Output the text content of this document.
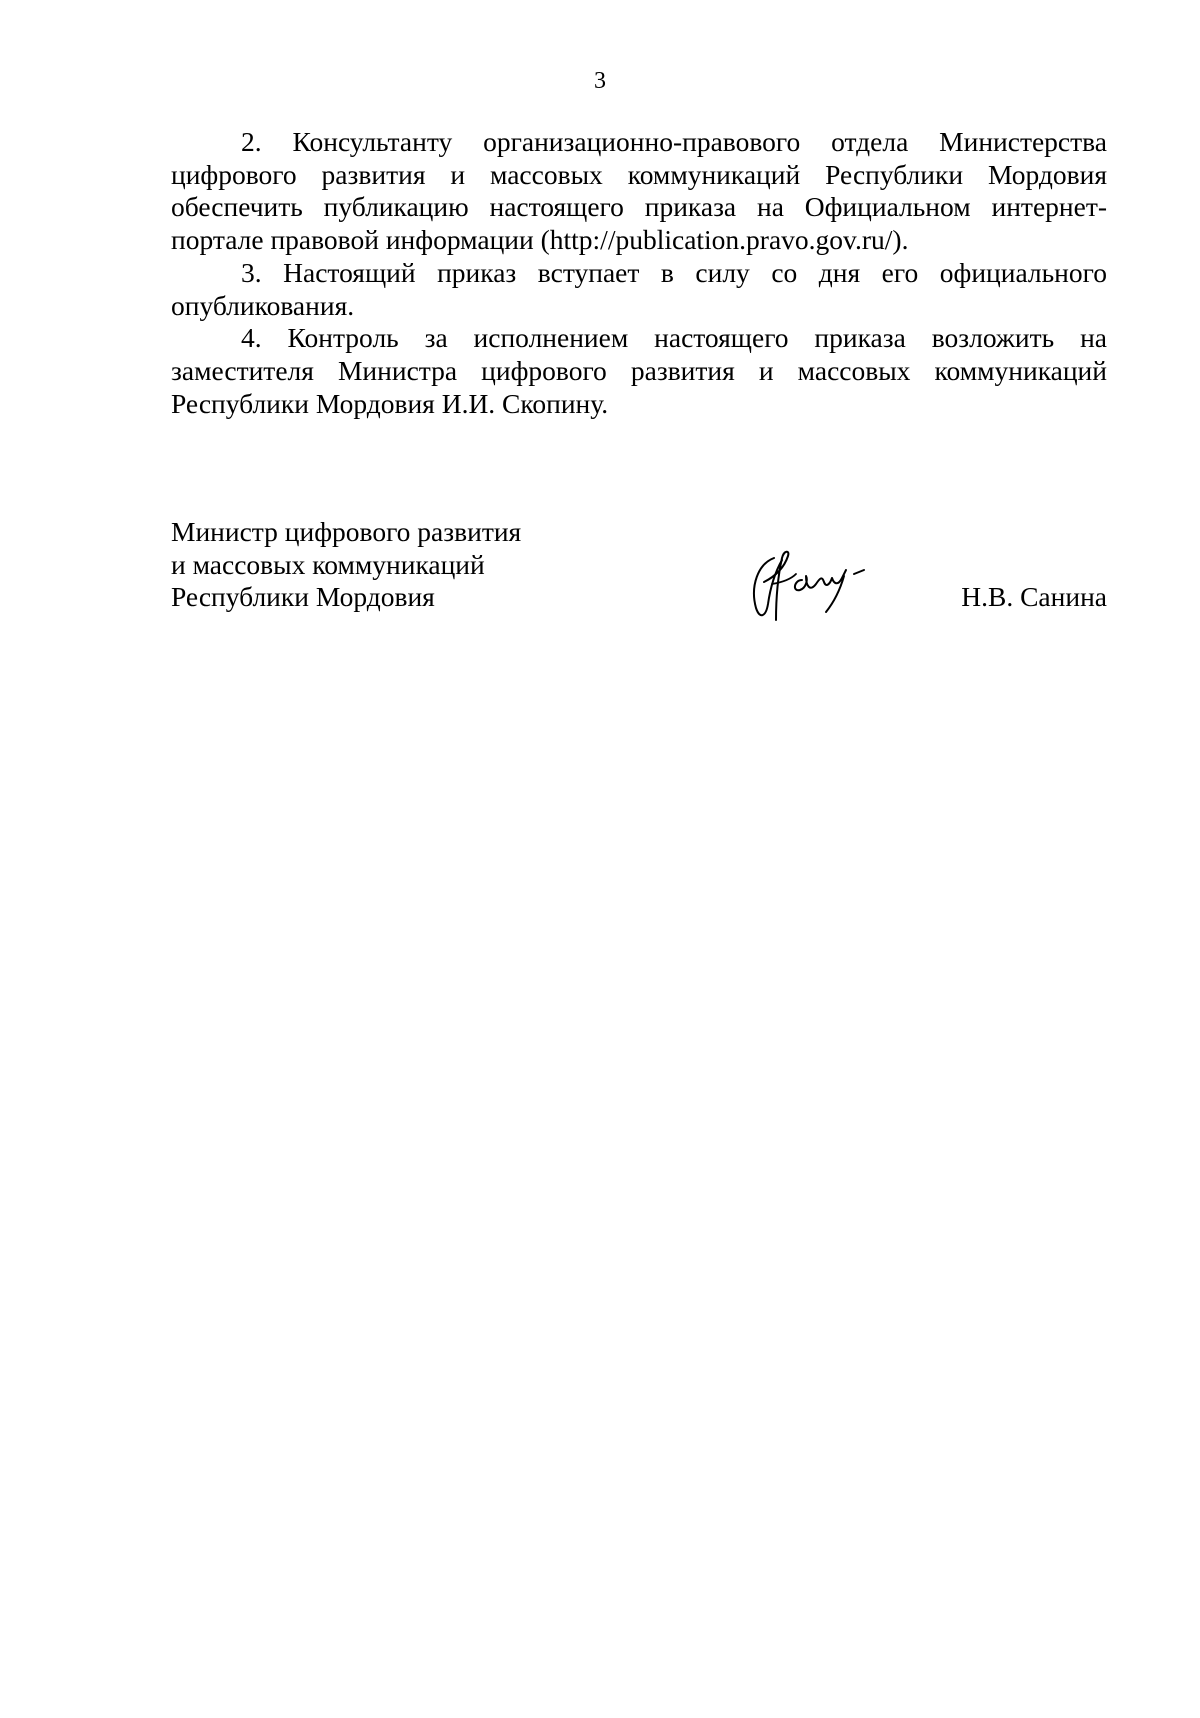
3

2. Консультанту организационно-правового отдела Министерства цифрового развития и массовых коммуникаций Республики Мордовия обеспечить публикацию настоящего приказа на Официальном интернет-портале правовой информации (http://publication.pravo.gov.ru/).

3. Настоящий приказ вступает в силу со дня его официального опубликования.

4. Контроль за исполнением настоящего приказа возложить на заместителя Министра цифрового развития и массовых коммуникаций Республики Мордовия И.И. Скопину.

Министр цифрового развития
и массовых коммуникаций
Республики Мордовия	Н.В. Санина
